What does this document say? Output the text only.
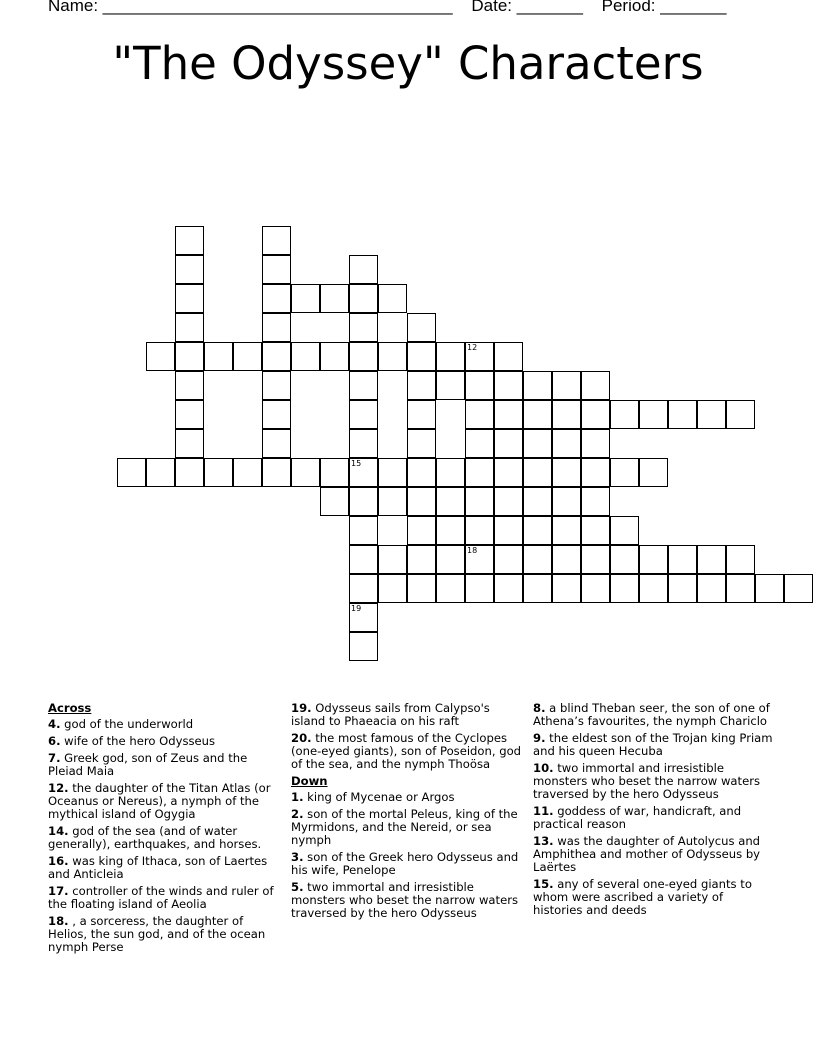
Name: _____________________________________ Date: _______ Period: _______
"The Odyssey" Characters
15
19
12
18
Across
4. god of the underworld
6. wife of the hero Odysseus
7. Greek god, son of Zeus and the Pleiad Maia
12. the daughter of the Titan Atlas (or Oceanus or Nereus), a nymph of the mythical island of Ogygia
14. god of the sea (and of water generally), earthquakes, and horses.
16. was king of Ithaca, son of Laertes and Anticleia
17. controller of the winds and ruler of the floating island of Aeolia
18. , a sorceress, the daughter of Helios, the sun god, and of the ocean nymph Perse
19. Odysseus sails from Calypso's island to Phaeacia on his raft
20. the most famous of the Cyclopes (one-eyed giants), son of Poseidon, god of the sea, and the nymph Thoösa
Down
1. king of Mycenae or Argos
2. son of the mortal Peleus, king of the Myrmidons, and the Nereid, or sea nymph
3. son of the Greek hero Odysseus and his wife, Penelope
5. two immortal and irresistible monsters who beset the narrow waters traversed by the hero Odysseus
8. a blind Theban seer, the son of one of Athena’s favourites, the nymph Chariclo
9. the eldest son of the Trojan king Priam and his queen Hecuba
10. two immortal and irresistible monsters who beset the narrow waters traversed by the hero Odysseus
11. goddess of war, handicraft, and practical reason
13. was the daughter of Autolycus and Amphithea and mother of Odysseus by Laërtes
15. any of several one-eyed giants to whom were ascribed a variety of histories and deeds
